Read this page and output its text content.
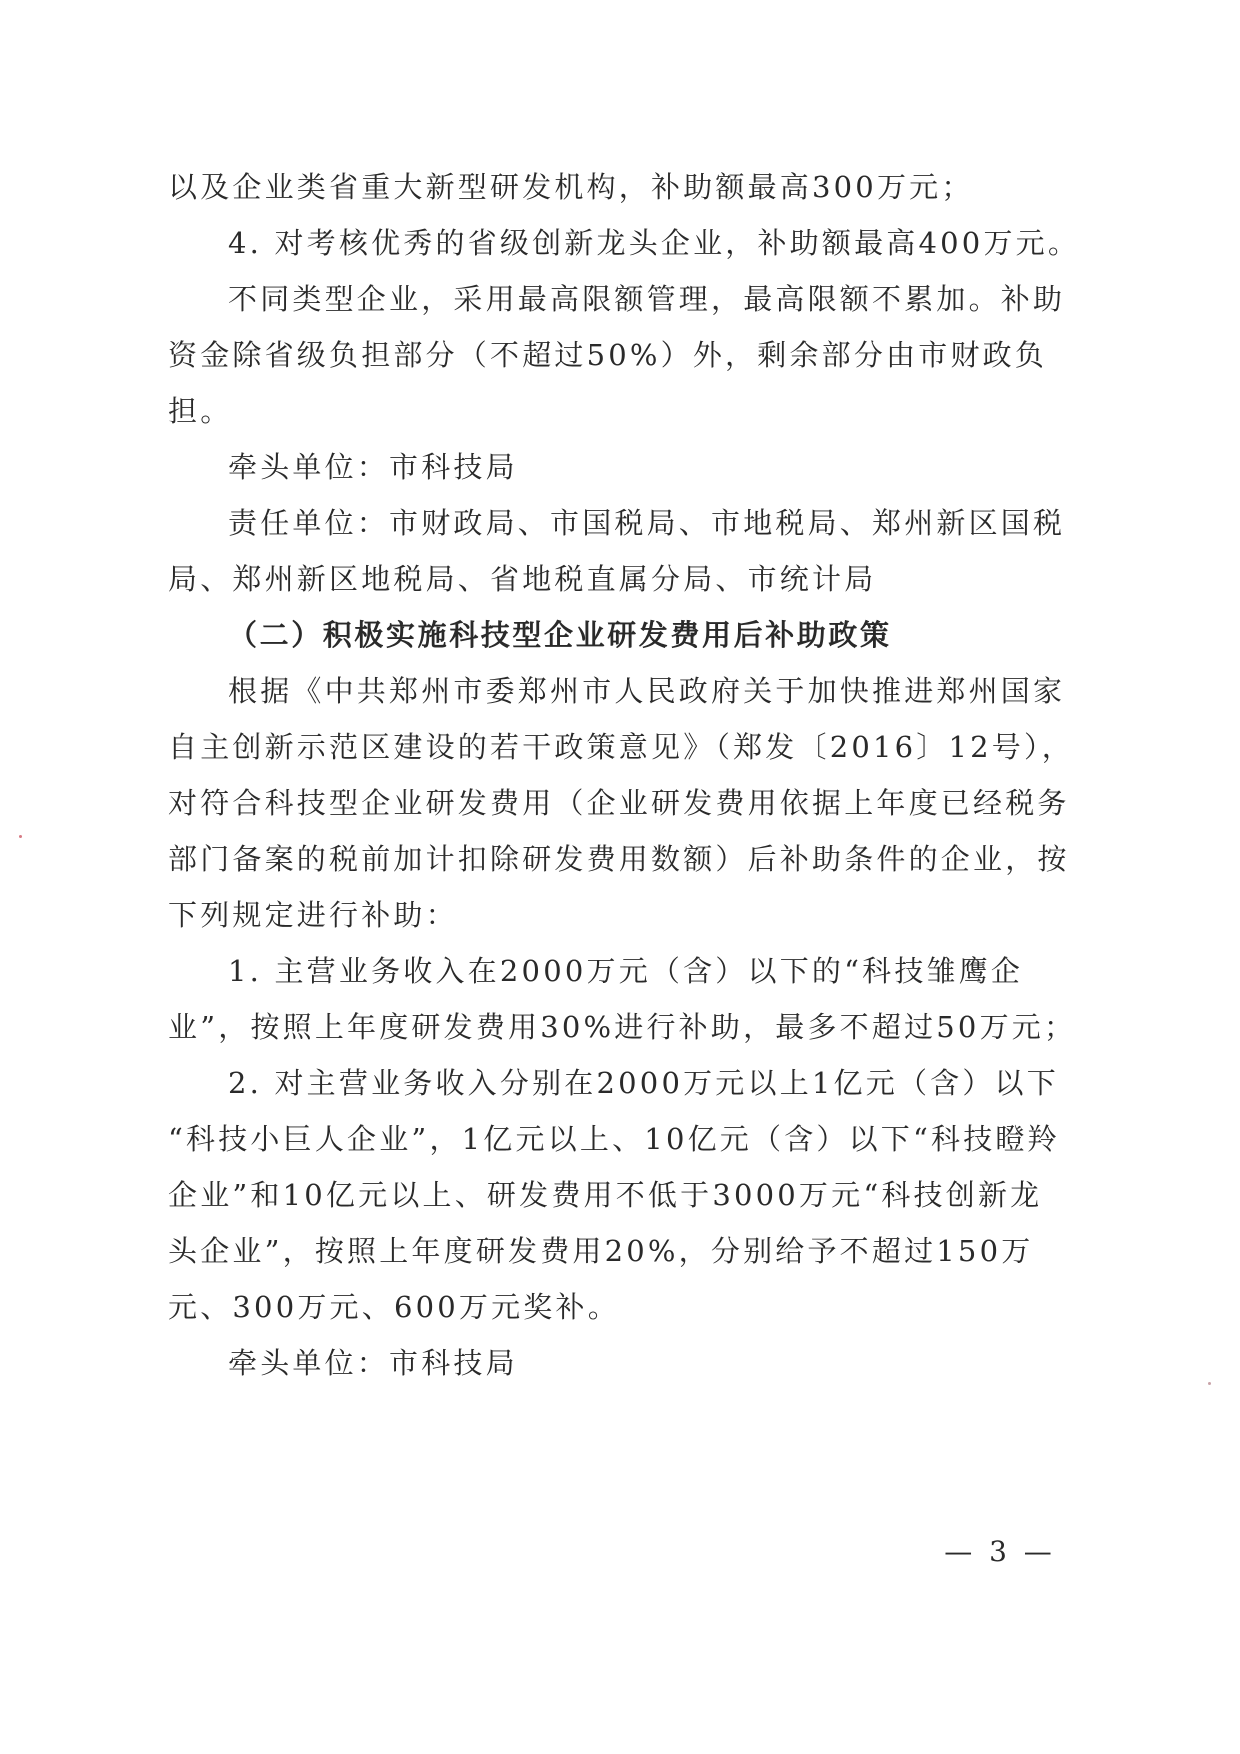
以及企业类省重大新型研发机构，补助额最高300万元；
4. 对考核优秀的省级创新龙头企业，补助额最高400万元。
不同类型企业，采用最高限额管理，最高限额不累加。补助
资金除省级负担部分（不超过50%）外，剩余部分由市财政负
担。
牵头单位：市科技局
责任单位：市财政局、市国税局、市地税局、郑州新区国税
局、郑州新区地税局、省地税直属分局、市统计局
（二）积极实施科技型企业研发费用后补助政策
根据《中共郑州市委郑州市人民政府关于加快推进郑州国家
自主创新示范区建设的若干政策意见》（郑发〔2016〕12号），
对符合科技型企业研发费用（企业研发费用依据上年度已经税务
部门备案的税前加计扣除研发费用数额）后补助条件的企业，按
下列规定进行补助：
1. 主营业务收入在2000万元（含）以下的“科技雏鹰企
业”，按照上年度研发费用30%进行补助，最多不超过50万元；
2. 对主营业务收入分别在2000万元以上1亿元（含）以下
“科技小巨人企业”，1亿元以上、10亿元（含）以下“科技瞪羚
企业”和10亿元以上、研发费用不低于3000万元“科技创新龙
头企业”，按照上年度研发费用20%，分别给予不超过150万
元、300万元、600万元奖补。
牵头单位：市科技局
— 3 —
